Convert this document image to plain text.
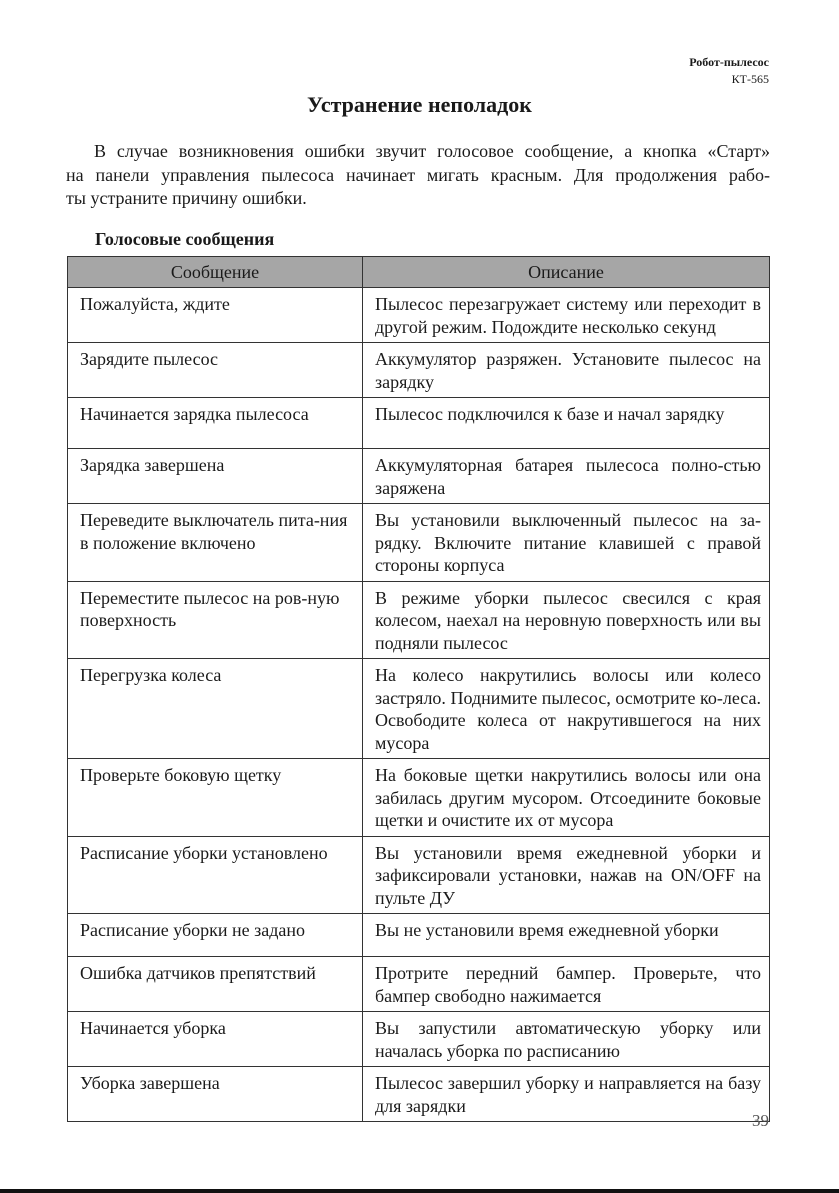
Робот-пылесос
КТ-565
Устранение неполадок

В случае возникновения ошибки звучит голосовое сообщение, а кнопка «Старт»
на панели управления пылесоса начинает мигать красным. Для продолжения рабо-
ты устраните причину ошибки.

Голосовые сообщения
Сообщение	Описание
Пожалуйста, ждите	Пылесос перезагружает систему или переходит в другой режим. Подождите несколько секунд
Зарядите пылесос	Аккумулятор разряжен. Установите пылесос на зарядку
Начинается зарядка пылесоса	Пылесос подключился к базе и начал зарядку
Зарядка завершена	Аккумуляторная батарея пылесоса полно-стью заряжена
Переведите выключатель пита-ния в положение включено	Вы установили выключенный пылесос на за-рядку. Включите питание клавишей с правой стороны корпуса
Переместите пылесос на ров-ную поверхность	В режиме уборки пылесос свесился с края колесом, наехал на неровную поверхность или вы подняли пылесос
Перегрузка колеса	На колесо накрутились волосы или колесо застряло. Поднимите пылесос, осмотрите ко-леса. Освободите колеса от накрутившегося на них мусора
Проверьте боковую щетку	На боковые щетки накрутились волосы или она забилась другим мусором. Отсоедините боковые щетки и очистите их от мусора
Расписание уборки установлено	Вы установили время ежедневной уборки и зафиксировали установки, нажав на ON/OFF на пульте ДУ
Расписание уборки не задано	Вы не установили время ежедневной уборки
Ошибка датчиков препятствий	Протрите передний бампер. Проверьте, что бампер свободно нажимается
Начинается уборка	Вы запустили автоматическую уборку или началась уборка по расписанию
Уборка завершена	Пылесос завершил уборку и направляется на базу для зарядки
39
